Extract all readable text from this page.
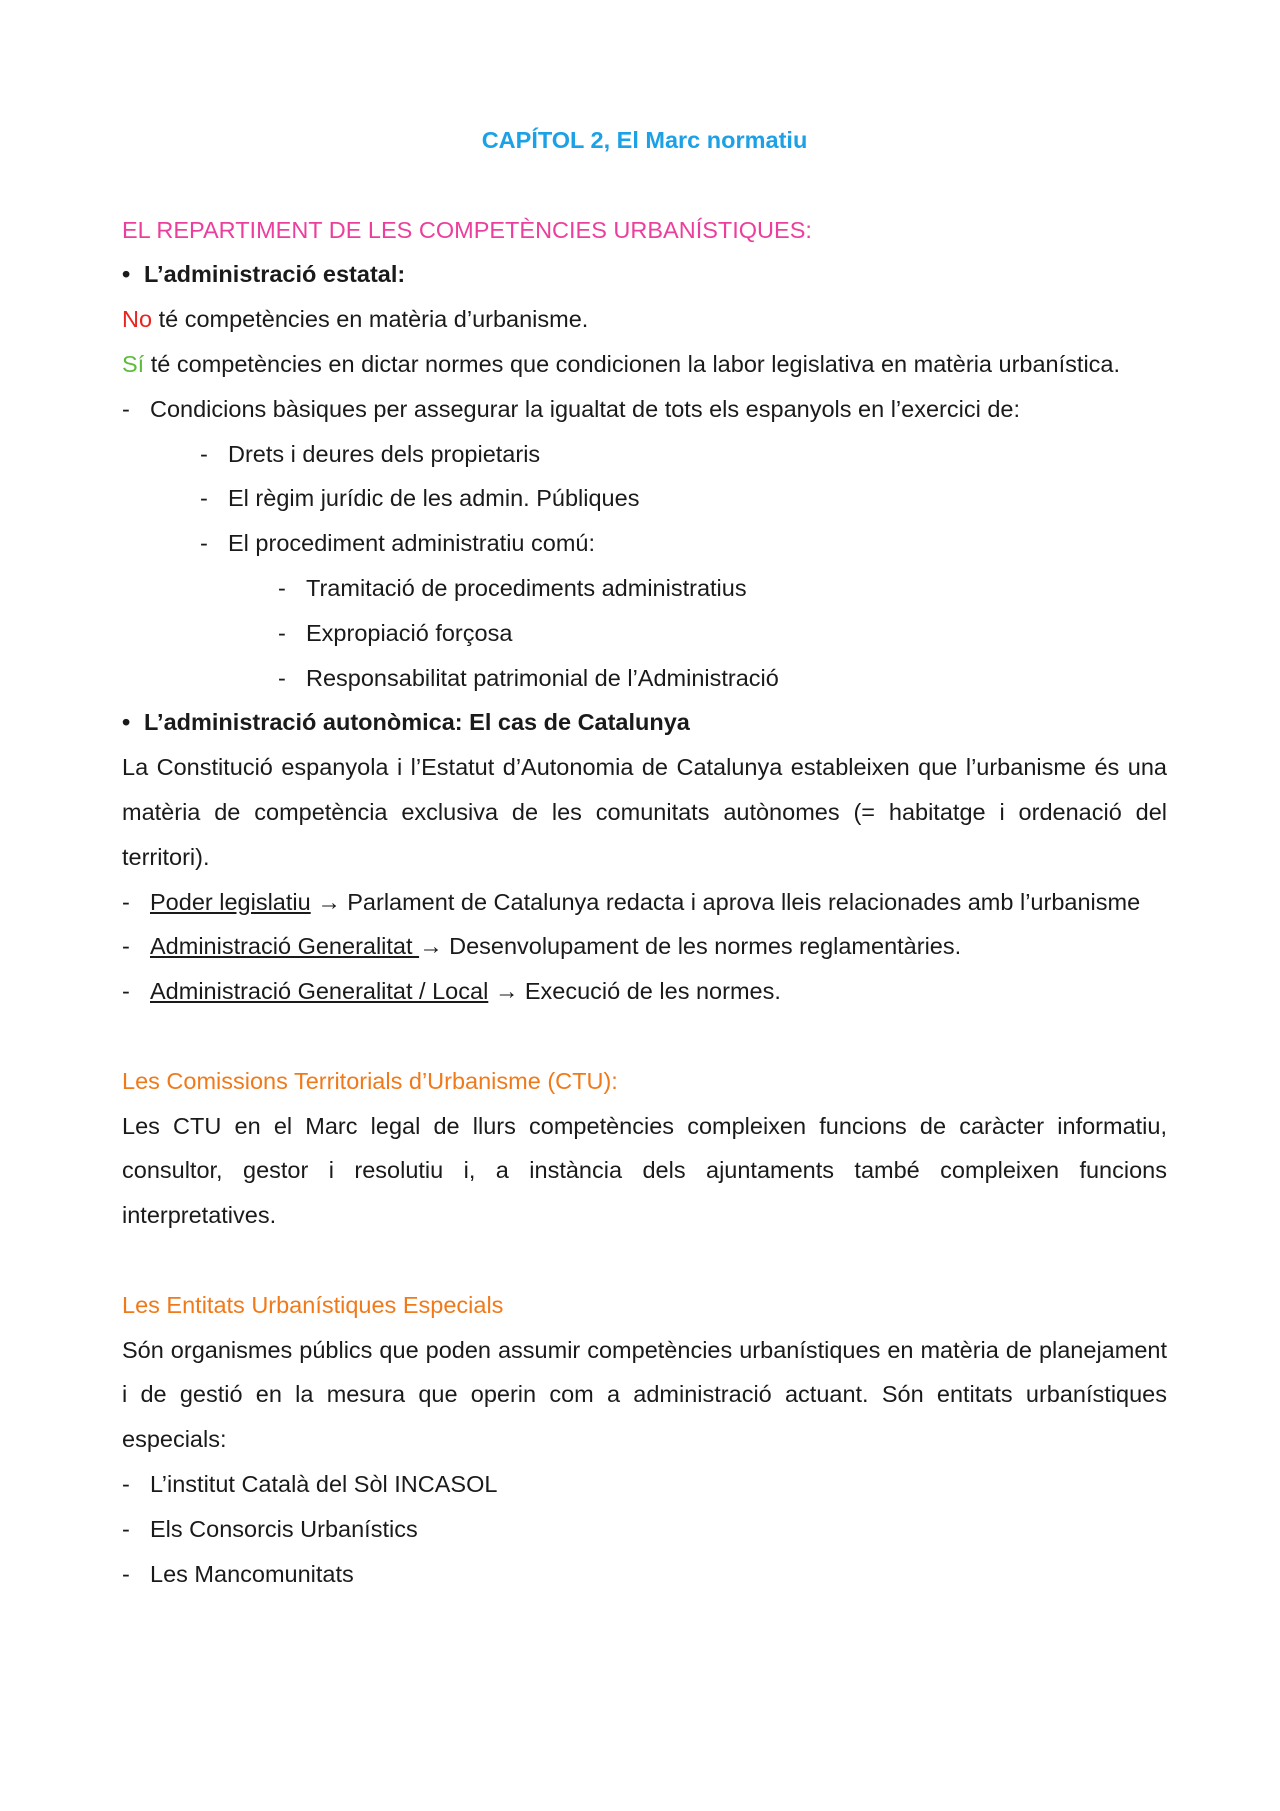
CAPÍTOL 2, El Marc normatiu
EL REPARTIMENT DE LES COMPETÈNCIES URBANÍSTIQUES:
• L’administració estatal:
No té competències en matèria d’urbanisme.
Sí té competències en dictar normes que condicionen la labor legislativa en matèria urbanística.
- Condicions bàsiques per assegurar la igualtat de tots els espanyols en l’exercici de:
- Drets i deures dels propietaris
- El règim jurídic de les admin. Públiques
- El procediment administratiu comú:
- Tramitació de procediments administratius
- Expropiació forçosa
- Responsabilitat patrimonial de l’Administració
• L’administració autonòmica: El cas de Catalunya
La Constitució espanyola i l’Estatut d’Autonomia de Catalunya estableixen que l’urbanisme és una matèria de competència exclusiva de les comunitats autònomes (= habitatge i ordenació del territori).
- Poder legislatiu → Parlament de Catalunya redacta i aprova lleis relacionades amb l’urbanisme
- Administració Generalitat → Desenvolupament de les normes reglamentàries.
- Administració Generalitat / Local → Execució de les normes.
Les Comissions Territorials d’Urbanisme (CTU):
Les CTU en el Marc legal de llurs competències compleixen funcions de caràcter informatiu, consultor, gestor i resolutiu i, a instància dels ajuntaments també compleixen funcions interpretatives.
Les Entitats Urbanístiques Especials
Són organismes públics que poden assumir competències urbanístiques en matèria de planejament i de gestió en la mesura que operin com a administració actuant. Són entitats urbanístiques especials:
- L’institut Català del Sòl INCASOL
- Els Consorcis Urbanístics
- Les Mancomunitats
